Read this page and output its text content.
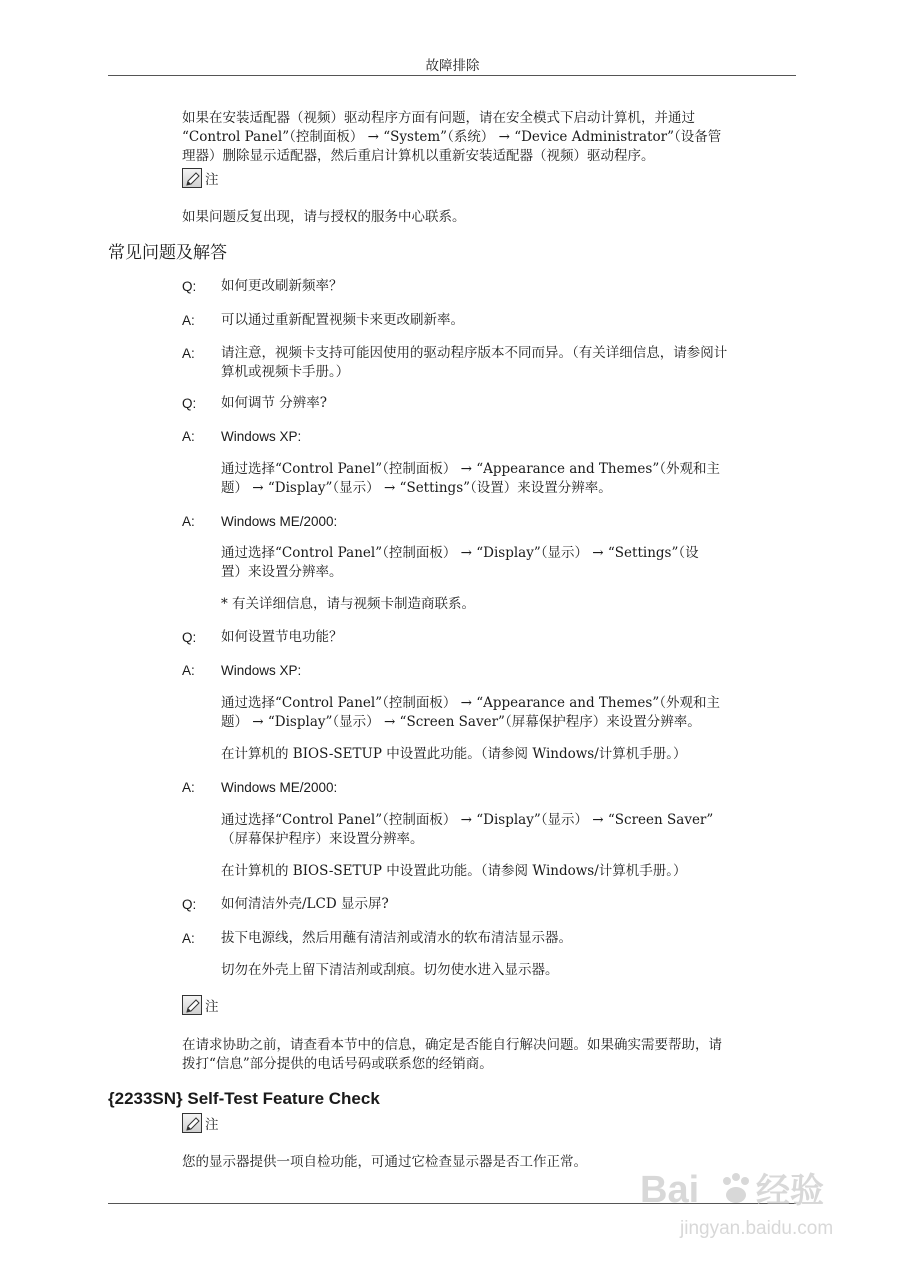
故障排除
如果在安装适配器（视频）驱动程序方面有问题，请在安全模式下启动计算机，并通过
“Control Panel”（控制面板） → “System”（系统） → “Device Administrator”（设备管
理器）删除显示适配器，然后重启计算机以重新安装适配器（视频）驱动程序。
注
如果问题反复出现，请与授权的服务中心联系。
常见问题及解答
Q:	如何更改刷新频率？
A:	可以通过重新配置视频卡来更改刷新率。
A:	请注意，视频卡支持可能因使用的驱动程序版本不同而异。（有关详细信息，请参阅计
算机或视频卡手册。）
Q:	如何调节 分辨率?
A:	Windows XP:
通过选择“Control Panel”（控制面板） → “Appearance and Themes”（外观和主
题） → “Display”（显示） → “Settings”（设置）来设置分辨率。
A:	Windows ME/2000:
通过选择“Control Panel”（控制面板） → “Display”（显示） → “Settings”（设
置）来设置分辨率。
* 有关详细信息，请与视频卡制造商联系。
Q:	如何设置节电功能？
A:	Windows XP:
通过选择“Control Panel”（控制面板） → “Appearance and Themes”（外观和主
题） → “Display”（显示） → “Screen Saver”（屏幕保护程序）来设置分辨率。
在计算机的 BIOS-SETUP 中设置此功能。（请参阅 Windows/计算机手册。）
A:	Windows ME/2000:
通过选择“Control Panel”（控制面板） → “Display”（显示） → “Screen Saver”
（屏幕保护程序）来设置分辨率。
在计算机的 BIOS-SETUP 中设置此功能。（请参阅 Windows/计算机手册。）
Q:	如何清洁外壳/LCD 显示屏?
A:	拔下电源线，然后用蘸有清洁剂或清水的软布清洁显示器。
切勿在外壳上留下清洁剂或刮痕。切勿使水进入显示器。
注
在请求协助之前，请查看本节中的信息，确定是否能自行解决问题。如果确实需要帮助，请
拨打“信息”部分提供的电话号码或联系您的经销商。
{2233SN} Self-Test Feature Check
注
您的显示器提供一项自检功能，可通过它检查显示器是否工作正常。
Bai 经验
jingyan.baidu.com
